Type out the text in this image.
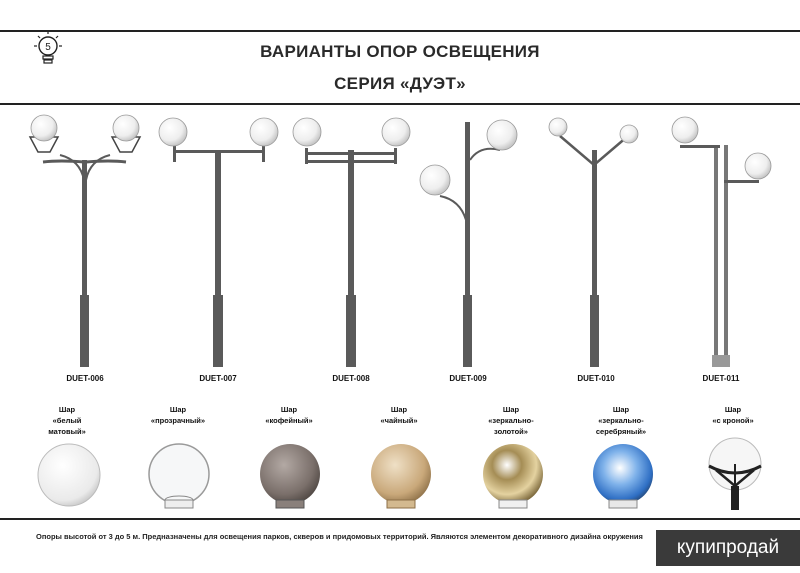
5	ВАРИАНТЫ ОПОР ОСВЕЩЕНИЯ
СЕРИЯ «ДУЭТ»
DUET-006	DUET-007	DUET-008	DUET-009	DUET-010	DUET-011
Шар
«белый
матовый»
Шар
«прозрачный»
Шар
«кофейный»
Шар
«чайный»
Шар
«зеркально-
золотой»
Шар
«зеркально-
серебряный»
Шар
«с кроной»
Опоры высотой от 3 до 5 м. Предназначены для освещения парков, скверов и придомовых территорий. Являются элементом декоративного дизайна окружения
купипродай
